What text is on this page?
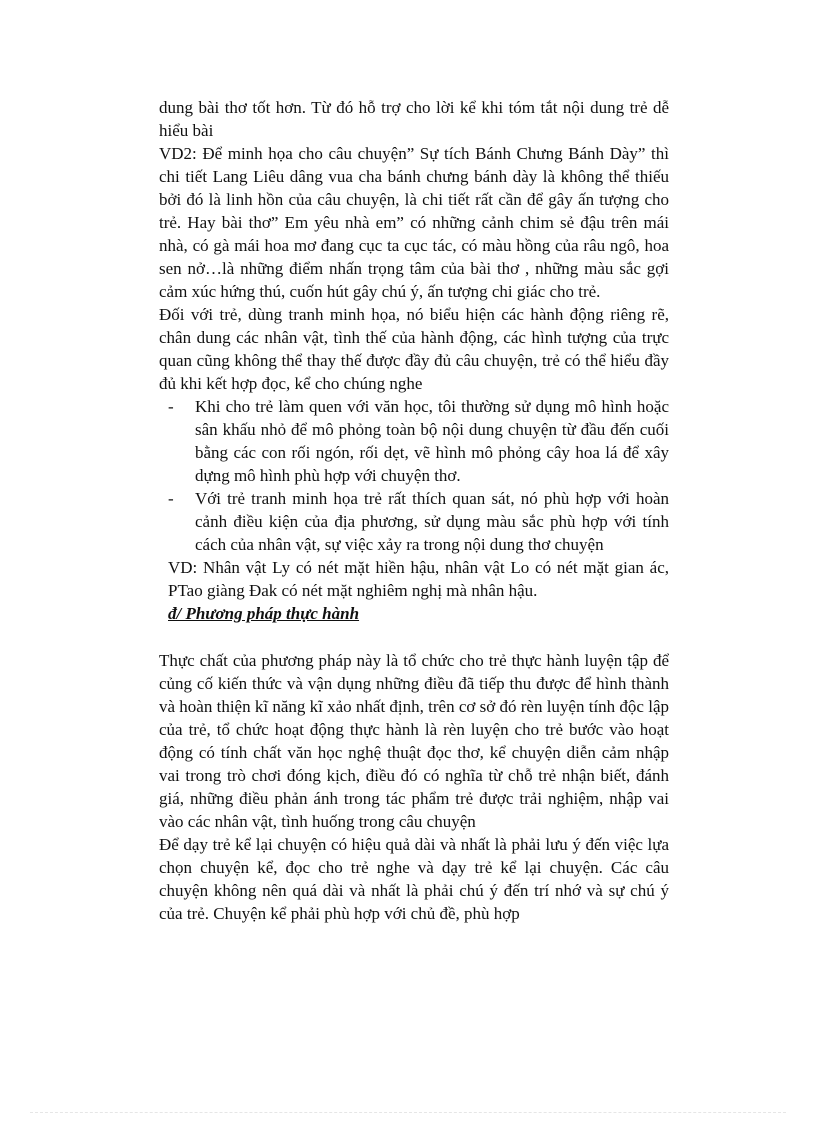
dung bài thơ tốt hơn. Từ đó hỗ trợ cho lời kể khi tóm tắt nội dung trẻ dễ hiểu bài

VD2: Để minh họa cho câu chuyện” Sự tích Bánh Chưng Bánh Dày” thì chi tiết Lang Liêu dâng vua cha bánh chưng bánh dày là không thể thiếu bởi đó là linh hồn của câu chuyện, là chi tiết rất cần để gây ấn tượng cho trẻ. Hay bài thơ” Em yêu nhà em” có những cảnh chim sẻ đậu trên mái nhà, có gà mái hoa mơ đang cục ta cục tác, có màu hồng của râu ngô, hoa sen nở…là những điểm nhấn trọng tâm của bài thơ , những màu sắc gợi cảm xúc hứng thú, cuốn hút gây chú ý, ấn tượng chi giác cho trẻ.

Đối với trẻ, dùng tranh minh họa, nó biểu hiện các hành động riêng rẽ, chân dung các nhân vật, tình thế của hành động, các hình tượng của trực quan cũng không thể thay thế được đầy đủ câu chuyện, trẻ có thể hiểu đầy đủ khi kết hợp đọc, kể cho chúng nghe

- Khi cho trẻ làm quen với văn học, tôi thường sử dụng mô hình hoặc sân khấu nhỏ để mô phỏng toàn bộ nội dung chuyện từ đầu đến cuối bằng các con rối ngón, rối dẹt, vẽ hình mô phỏng cây hoa lá để xây dựng mô hình phù hợp với chuyện thơ.
- Với trẻ tranh minh họa trẻ rất thích quan sát, nó phù hợp với hoàn cảnh điều kiện của địa phương, sử dụng màu sắc phù hợp với tính cách của nhân vật, sự việc xảy ra trong nội dung thơ chuyện

VD: Nhân vật Ly có nét mặt hiền hậu, nhân vật Lo có nét mặt gian ác, PTao giàng Đak có nét mặt nghiêm nghị mà nhân hậu.

đ/ Phương pháp thực hành

Thực chất của phương pháp này là tổ chức cho trẻ thực hành luyện tập để củng cố kiến thức và vận dụng những điều đã tiếp thu được để hình thành và hoàn thiện kĩ năng kĩ xảo nhất định, trên cơ sở đó rèn luyện tính độc lập của trẻ, tổ chức hoạt động thực hành là rèn luyện cho trẻ bước vào hoạt động có tính chất văn học nghệ thuật đọc thơ, kể chuyện diễn cảm nhập vai trong trò chơi đóng kịch, điều đó có nghĩa từ chỗ trẻ nhận biết, đánh giá, những điều phản ánh trong tác phẩm trẻ được trải nghiệm, nhập vai vào các nhân vật, tình huống trong câu chuyện

Để dạy trẻ kể lại chuyện có hiệu quả dài và nhất là phải lưu ý đến việc lựa chọn chuyện kể, đọc cho trẻ nghe và dạy trẻ kể lại chuyện. Các câu chuyện không nên quá dài và nhất là phải chú ý đến trí nhớ và sự chú ý của trẻ. Chuyện kể phải phù hợp với chủ đề, phù hợp
